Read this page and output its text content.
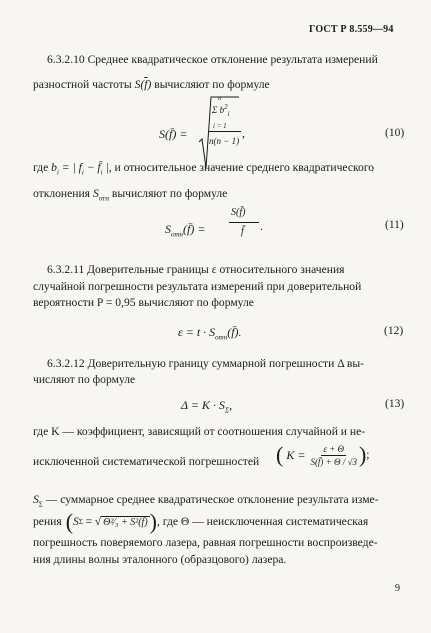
ГОСТ Р 8.559—94
6.3.2.10 Среднее квадратическое отклонение результата измерений
разностной частоты $S(\overline{f})$ вычисляют по формуле
S(f̄) =
n
Σ $b^2_i$
i = 1
n(n − 1)
,	(10)
где $b_i$ = | $f_i$ − $f̄_i$ |, и относительное значение среднего квадратического
отклонения $S_{отн}$ вычисляют по формуле
$S_{отн}(f̄)$ =
S(f̄)
f̄ .	(11)
6.3.2.11 Доверительные границы ε относительного значения
случайной погрешности результата измерений при доверительной
вероятности P = 0,95 вычисляют по формуле
$\varepsilon = t \cdot S_{отн}(f̄)$.	(12)
6.3.2.12 Доверительную границу суммарной погрешности Δ вы-
числяют по формуле
$\Delta = K \cdot S_\Sigma$,	(13)
где K — коэффициент, зависящий от соотношения случайной и не-
исключенной систематической погрешностей ( $K = \frac{\varepsilon + \Theta}{S(f̄) + \Theta / √3}$ ) ;
$S_\Sigma$ — суммарное среднее квадратическое отклонение результата изме-
рения ( S Σ = √ Θ²⁄₃ + S²(f̄) ) , где Θ — неисключенная систематическая
погрешность поверяемого лазера, равная погрешности воспроизведе-
ния длины волны эталонного (образцового) лазера.
9
